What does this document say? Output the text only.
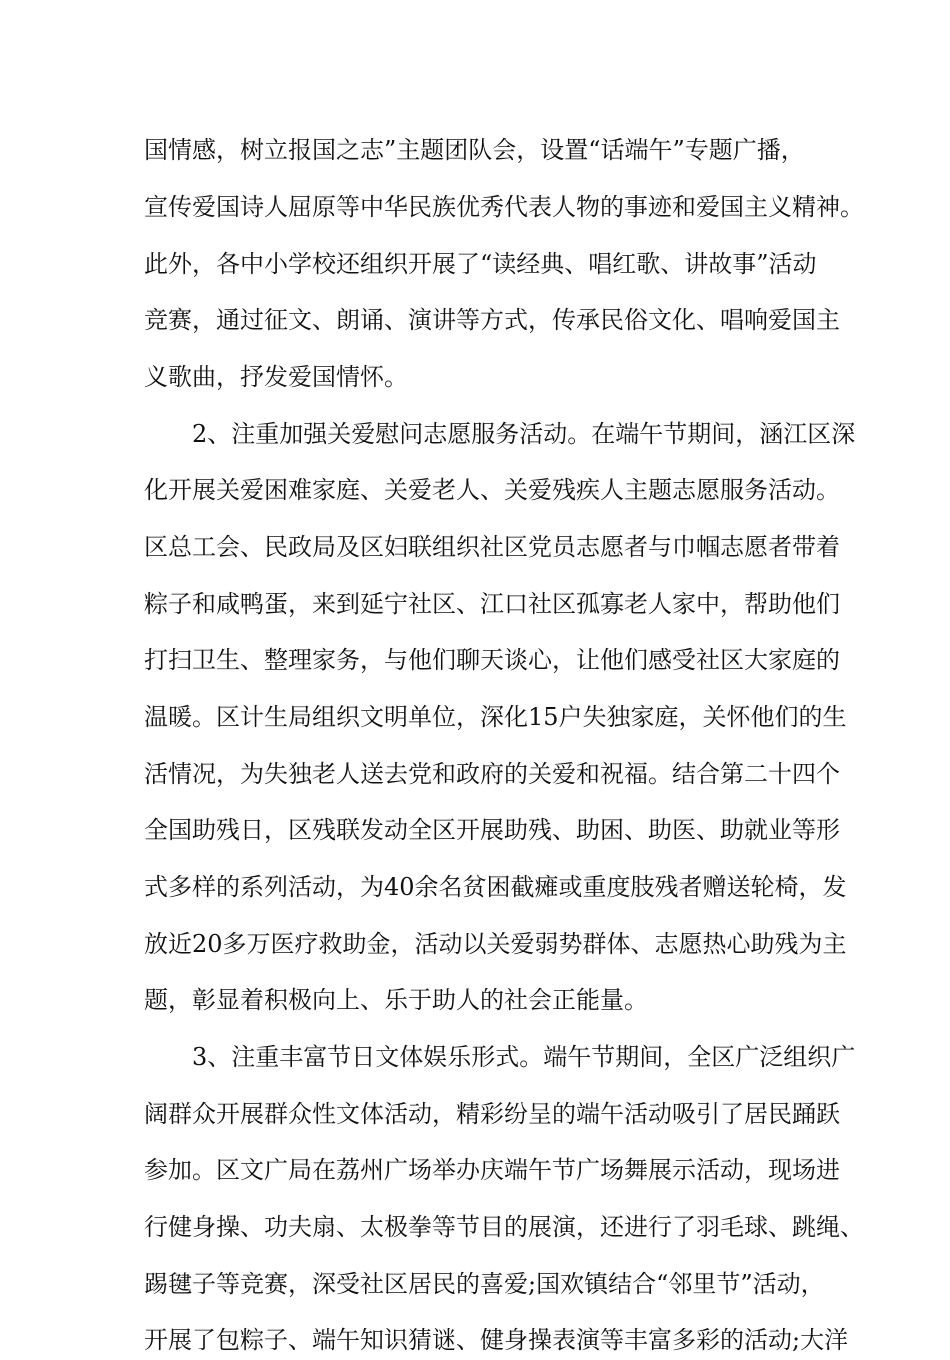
国情感，树立报国之志”主题团队会，设置“话端午”专题广播，
宣传爱国诗人屈原等中华民族优秀代表人物的事迹和爱国主义精神。
此外，各中小学校还组织开展了“读经典、唱红歌、讲故事”活动
竞赛，通过征文、朗诵、演讲等方式，传承民俗文化、唱响爱国主
义歌曲，抒发爱国情怀。
2、注重加强关爱慰问志愿服务活动。在端午节期间，涵江区深
化开展关爱困难家庭、关爱老人、关爱残疾人主题志愿服务活动。
区总工会、民政局及区妇联组织社区党员志愿者与巾帼志愿者带着
粽子和咸鸭蛋，来到延宁社区、江口社区孤寡老人家中，帮助他们
打扫卫生、整理家务，与他们聊天谈心，让他们感受社区大家庭的
温暖。区计生局组织文明单位，深化15户失独家庭，关怀他们的生
活情况，为失独老人送去党和政府的关爱和祝福。结合第二十四个
全国助残日，区残联发动全区开展助残、助困、助医、助就业等形
式多样的系列活动，为40余名贫困截瘫或重度肢残者赠送轮椅，发
放近20多万医疗救助金，活动以关爱弱势群体、志愿热心助残为主
题，彰显着积极向上、乐于助人的社会正能量。
3、注重丰富节日文体娱乐形式。端午节期间，全区广泛组织广
阔群众开展群众性文体活动，精彩纷呈的端午活动吸引了居民踊跃
参加。区文广局在荔州广场举办庆端午节广场舞展示活动，现场进
行健身操、功夫扇、太极拳等节目的展演，还进行了羽毛球、跳绳、
踢毽子等竞赛，深受社区居民的喜爱;国欢镇结合“邻里节”活动，
开展了包粽子、端午知识猜谜、健身操表演等丰富多彩的活动;大洋
